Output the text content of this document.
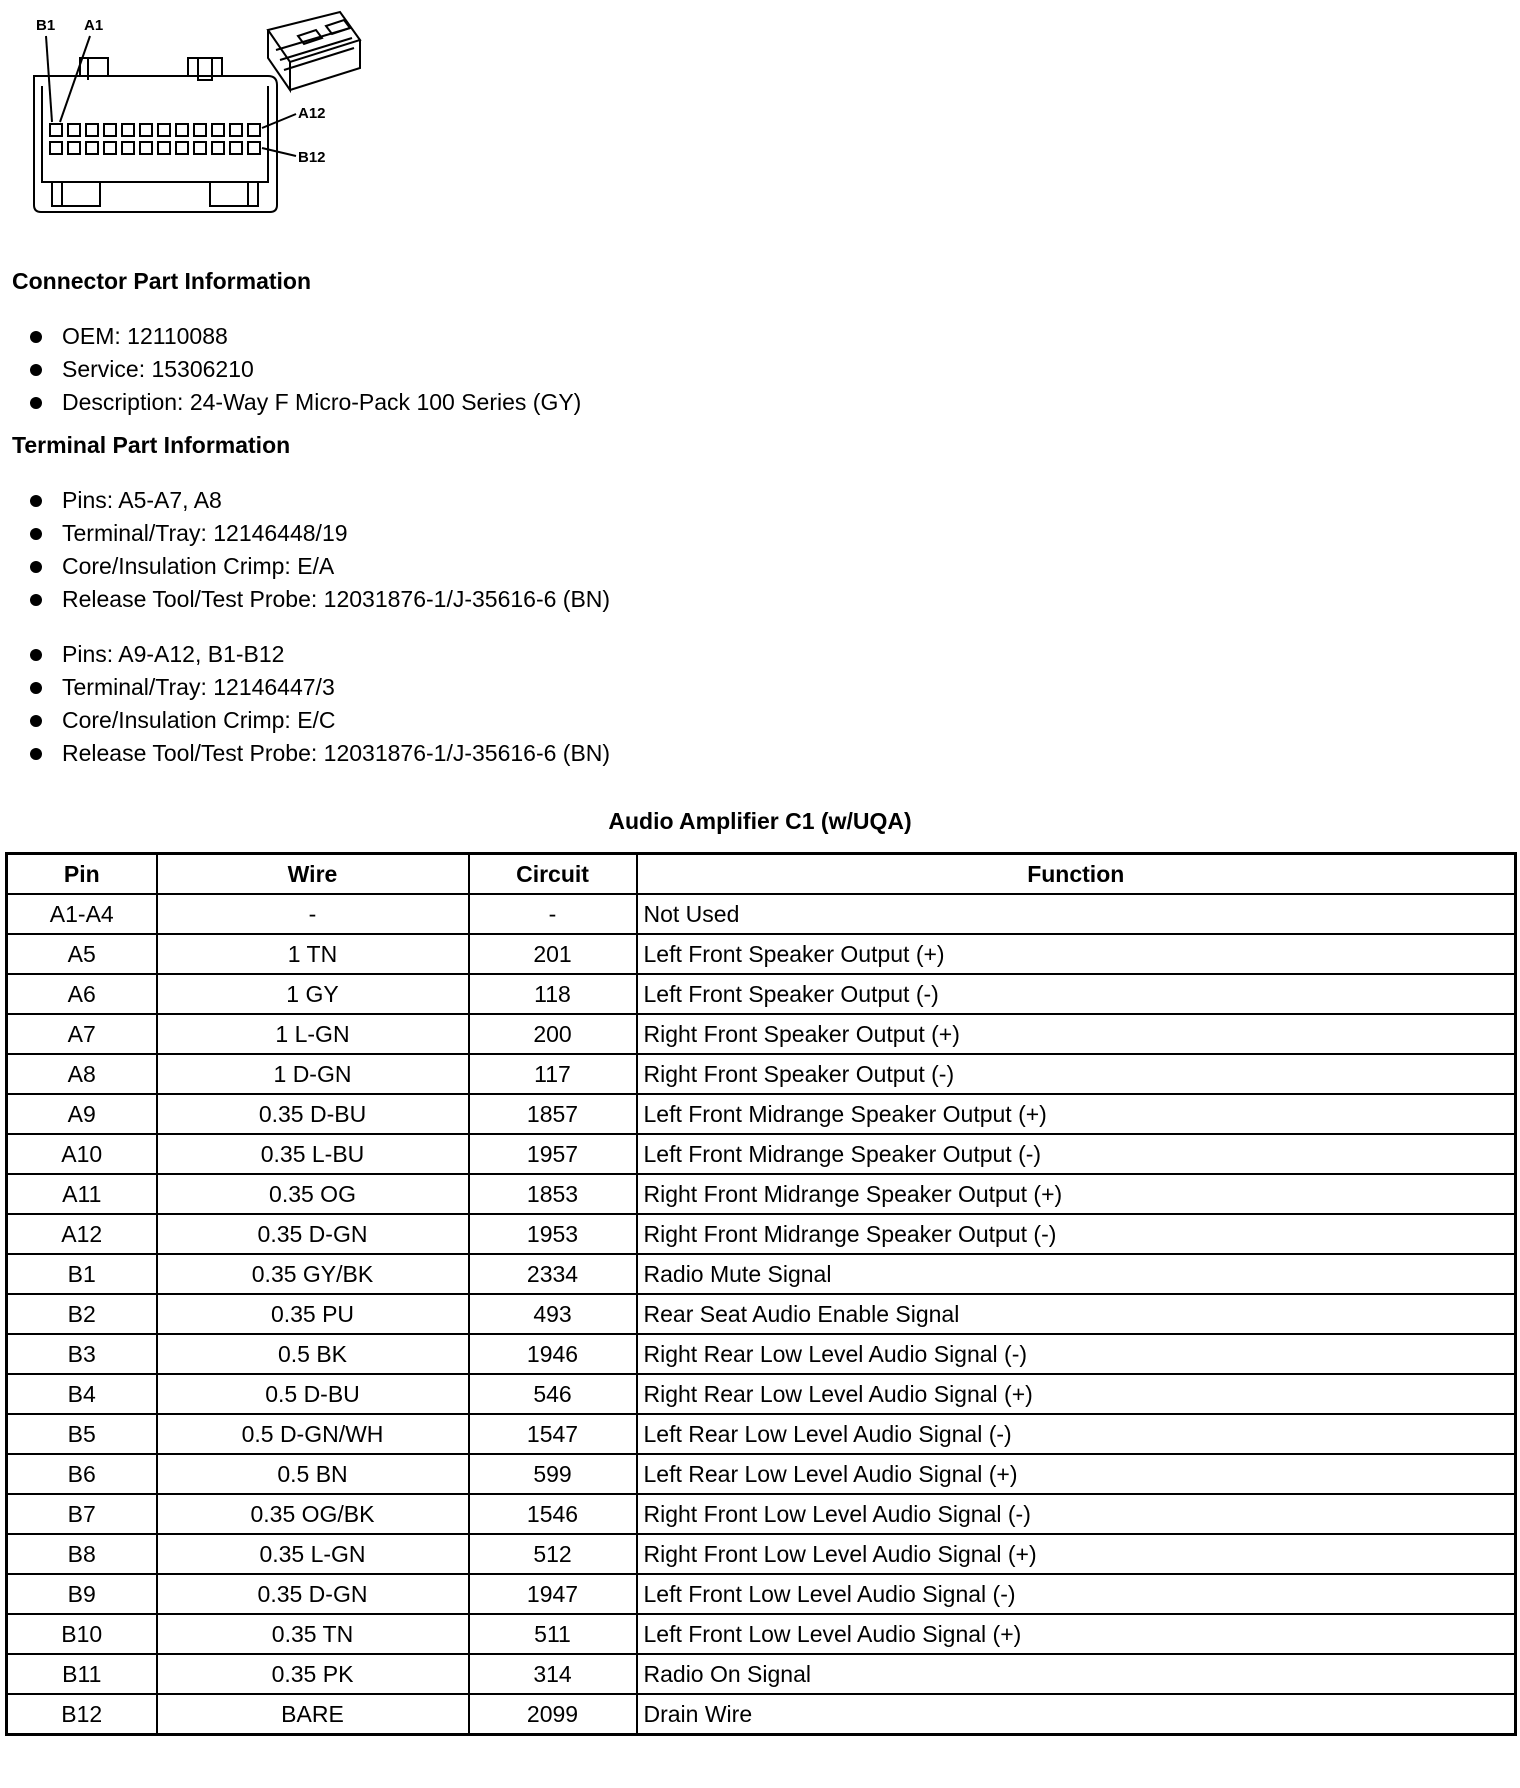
B1 A1
A12
B12
Connector Part Information
OEM: 12110088
Service: 15306210
Description: 24-Way F Micro-Pack 100 Series (GY)
Terminal Part Information
Pins: A5-A7, A8
Terminal/Tray: 12146448/19
Core/Insulation Crimp: E/A
Release Tool/Test Probe: 12031876-1/J-35616-6 (BN)
Pins: A9-A12, B1-B12
Terminal/Tray: 12146447/3
Core/Insulation Crimp: E/C
Release Tool/Test Probe: 12031876-1/J-35616-6 (BN)
Audio Amplifier C1 (w/UQA)
Pin	Wire	Circuit	Function
A1-A4	-	-	Not Used
A5	1 TN	201	Left Front Speaker Output (+)
A6	1 GY	118	Left Front Speaker Output (-)
A7	1 L-GN	200	Right Front Speaker Output (+)
A8	1 D-GN	117	Right Front Speaker Output (-)
A9	0.35 D-BU	1857	Left Front Midrange Speaker Output (+)
A10	0.35 L-BU	1957	Left Front Midrange Speaker Output (-)
A11	0.35 OG	1853	Right Front Midrange Speaker Output (+)
A12	0.35 D-GN	1953	Right Front Midrange Speaker Output (-)
B1	0.35 GY/BK	2334	Radio Mute Signal
B2	0.35 PU	493	Rear Seat Audio Enable Signal
B3	0.5 BK	1946	Right Rear Low Level Audio Signal (-)
B4	0.5 D-BU	546	Right Rear Low Level Audio Signal (+)
B5	0.5 D-GN/WH	1547	Left Rear Low Level Audio Signal (-)
B6	0.5 BN	599	Left Rear Low Level Audio Signal (+)
B7	0.35 OG/BK	1546	Right Front Low Level Audio Signal (-)
B8	0.35 L-GN	512	Right Front Low Level Audio Signal (+)
B9	0.35 D-GN	1947	Left Front Low Level Audio Signal (-)
B10	0.35 TN	511	Left Front Low Level Audio Signal (+)
B11	0.35 PK	314	Radio On Signal
B12	BARE	2099	Drain Wire
